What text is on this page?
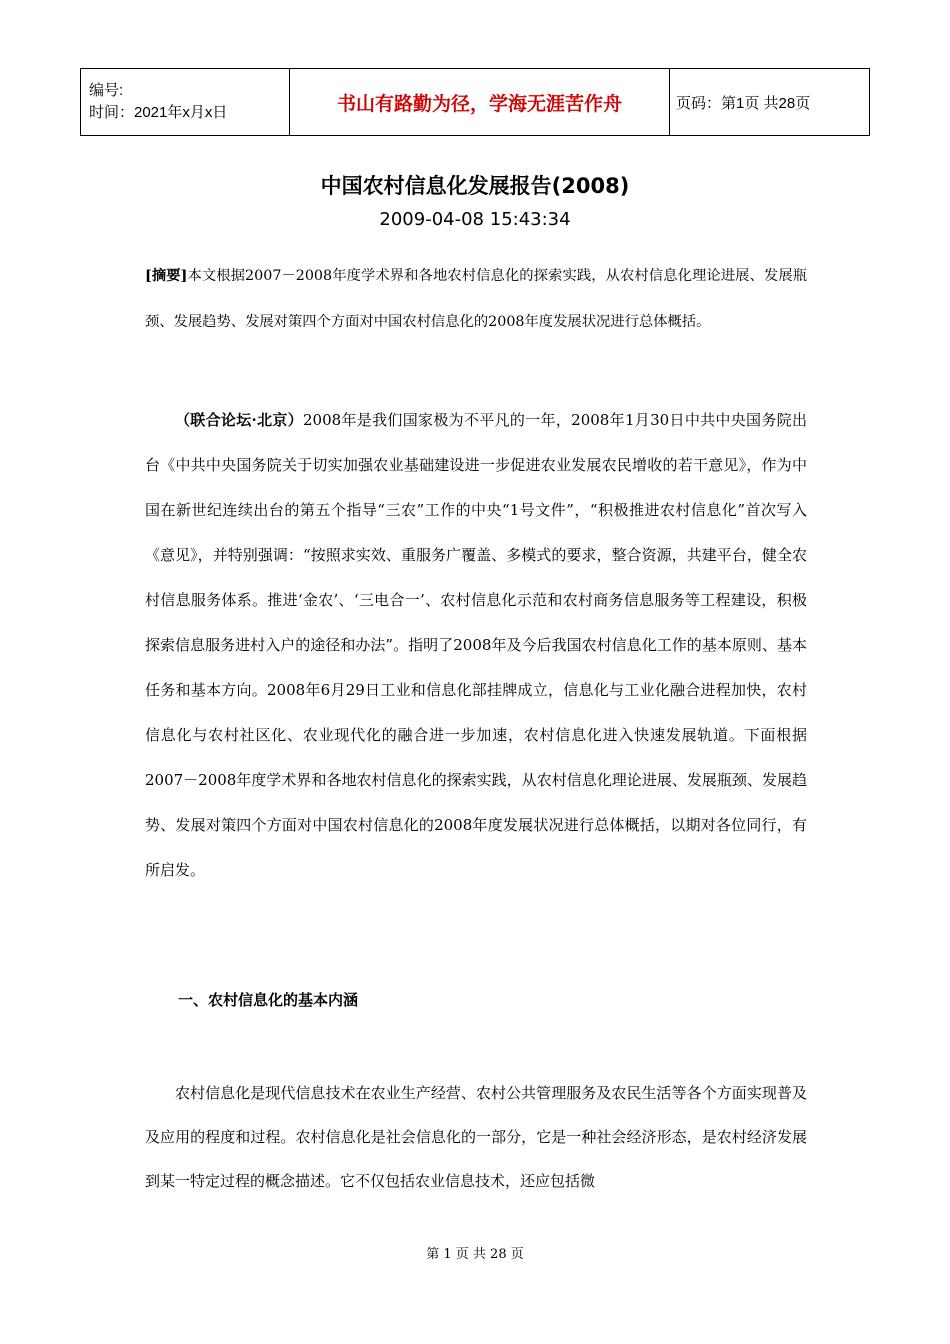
编号:
时间：2021年x月x日	书山有路勤为径，学海无涯苦作舟	页码：第1页 共28页
中国农村信息化发展报告(2008)
2009-04-08 15:43:34
[摘要]本文根据2007－2008年度学术界和各地农村信息化的探索实践，从农村信息化理论进展、发展瓶颈、发展趋势、发展对策四个方面对中国农村信息化的2008年度发展状况进行总体概括。
（联合论坛·北京）2008年是我们国家极为不平凡的一年，2008年1月30日中共中央国务院出台《中共中央国务院关于切实加强农业基础建设进一步促进农业发展农民增收的若干意见》，作为中国在新世纪连续出台的第五个指导“三农”工作的中央“1号文件”，“积极推进农村信息化”首次写入《意见》，并特别强调：“按照求实效、重服务广覆盖、多模式的要求，整合资源，共建平台，健全农村信息服务体系。推进‘金农’、‘三电合一’、农村信息化示范和农村商务信息服务等工程建设，积极探索信息服务进村入户的途径和办法”。指明了2008年及今后我国农村信息化工作的基本原则、基本任务和基本方向。2008年6月29日工业和信息化部挂牌成立，信息化与工业化融合进程加快，农村信息化与农村社区化、农业现代化的融合进一步加速，农村信息化进入快速发展轨道。下面根据2007－2008年度学术界和各地农村信息化的探索实践，从农村信息化理论进展、发展瓶颈、发展趋势、发展对策四个方面对中国农村信息化的2008年度发展状况进行总体概括，以期对各位同行，有所启发。
一、农村信息化的基本内涵
农村信息化是现代信息技术在农业生产经营、农村公共管理服务及农民生活等各个方面实现普及及应用的程度和过程。农村信息化是社会信息化的一部分，它是一种社会经济形态，是农村经济发展到某一特定过程的概念描述。它不仅包括农业信息技术，还应包括微
第 1 页 共 28 页
